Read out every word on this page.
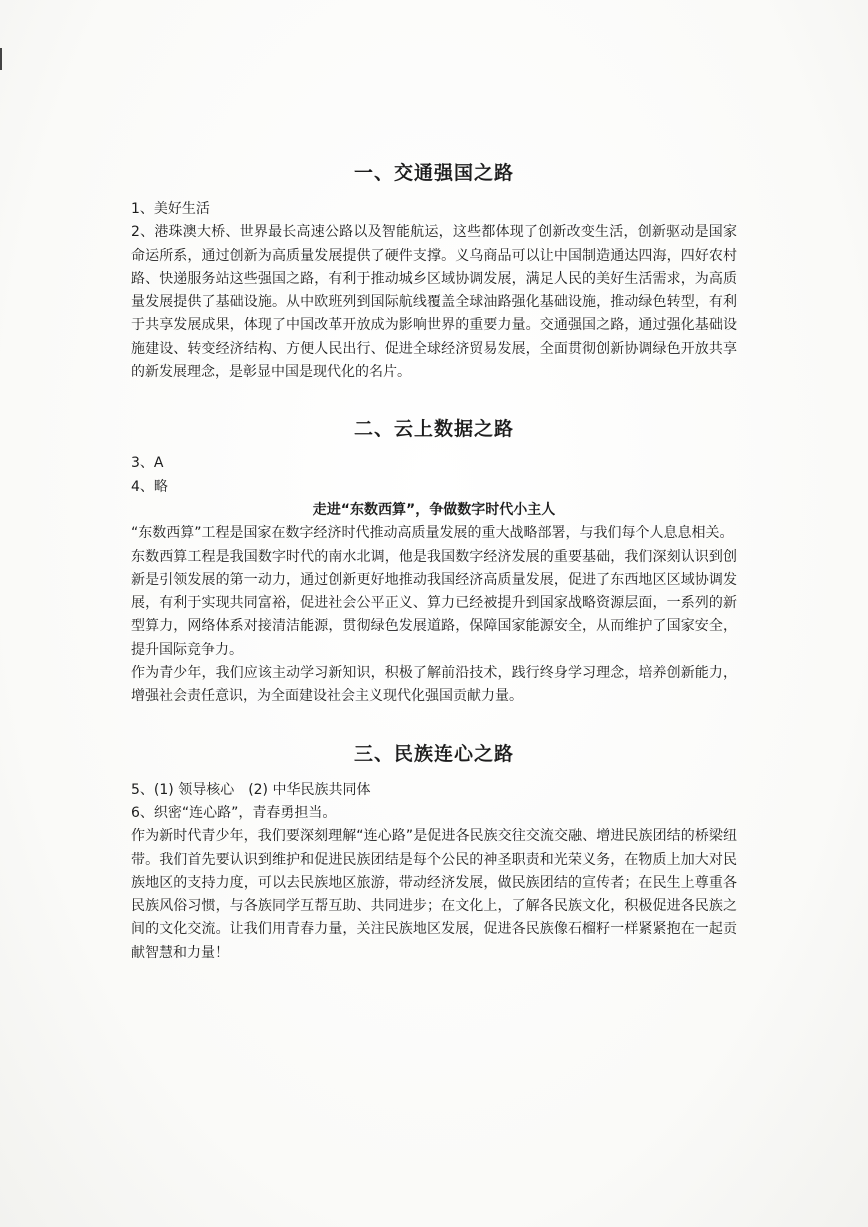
一、交通强国之路

1、美好生活

2、港珠澳大桥、世界最长高速公路以及智能航运，这些都体现了创新改变生活，创新驱动是国家命运所系，通过创新为高质量发展提供了硬件支撑。义乌商品可以让中国制造通达四海，四好农村路、快递服务站这些强国之路，有利于推动城乡区域协调发展，满足人民的美好生活需求，为高质量发展提供了基础设施。从中欧班列到国际航线覆盖全球油路强化基础设施，推动绿色转型，有利于共享发展成果，体现了中国改革开放成为影响世界的重要力量。交通强国之路，通过强化基础设施建设、转变经济结构、方便人民出行、促进全球经济贸易发展，全面贯彻创新协调绿色开放共享的新发展理念，是彰显中国是现代化的名片。

二、云上数据之路

3、A

4、略

走进“东数西算”，争做数字时代小主人

“东数西算”工程是国家在数字经济时代推动高质量发展的重大战略部署，与我们每个人息息相关。

东数西算工程是我国数字时代的南水北调，他是我国数字经济发展的重要基础，我们深刻认识到创新是引领发展的第一动力，通过创新更好地推动我国经济高质量发展，促进了东西地区区域协调发展，有利于实现共同富裕，促进社会公平正义、算力已经被提升到国家战略资源层面，一系列的新型算力，网络体系对接清洁能源，贯彻绿色发展道路，保障国家能源安全，从而维护了国家安全，提升国际竞争力。

作为青少年，我们应该主动学习新知识，积极了解前沿技术，践行终身学习理念，培养创新能力，增强社会责任意识，为全面建设社会主义现代化强国贡献力量。

三、民族连心之路

5、(1) 领导核心　(2) 中华民族共同体

6、织密“连心路”，青春勇担当。

作为新时代青少年，我们要深刻理解“连心路”是促进各民族交往交流交融、增进民族团结的桥梁纽带。我们首先要认识到维护和促进民族团结是每个公民的神圣职责和光荣义务，在物质上加大对民族地区的支持力度，可以去民族地区旅游，带动经济发展，做民族团结的宣传者；在民生上尊重各民族风俗习惯，与各族同学互帮互助、共同进步；在文化上，了解各民族文化，积极促进各民族之间的文化交流。让我们用青春力量，关注民族地区发展，促进各民族像石榴籽一样紧紧抱在一起贡献智慧和力量！
